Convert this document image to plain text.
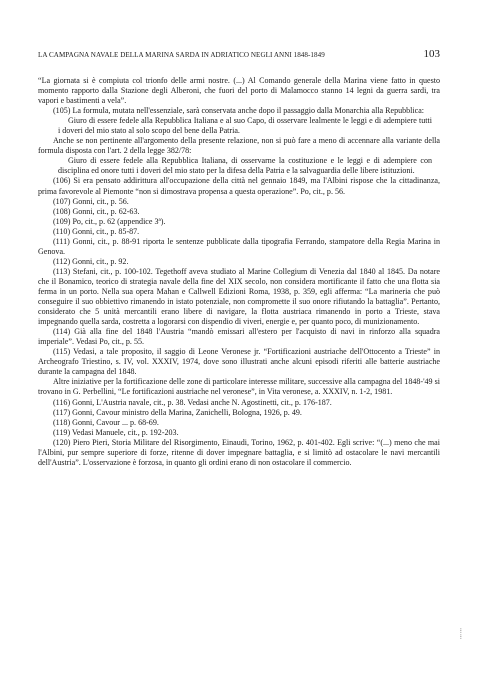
LA CAMPAGNA NAVALE DELLA MARINA SARDA IN ADRIATICO NEGLI ANNI 1848-1849	103

“La giornata si è compiuta col trionfo delle armi nostre. (...) Al Comando generale della Marina viene fatto in questo momento rapporto dalla Stazione degli Alberoni, che fuori del porto di Malamocco stanno 14 legni da guerra sardi, tra vapori e bastimenti a vela”.

(105) La formula, mutata nell'essenziale, sarà conservata anche dopo il passaggio dalla Monarchia alla Repubblica:

Giuro di essere fedele alla Repubblica Italiana e al suo Capo, di osservare lealmente le leggi e di adempiere tutti i doveri del mio stato al solo scopo del bene della Patria.

Anche se non pertinente all'argomento della presente relazione, non si può fare a meno di accennare alla variante della formula disposta con l'art. 2 della legge 382/78:

Giuro di essere fedele alla Repubblica Italiana, di osservarne la costituzione e le leggi e di adempiere con disciplina ed onore tutti i doveri del mio stato per la difesa della Patria e la salvaguardia delle libere istituzioni.

(106) Si era pensato addirittura all'occupazione della città nel gennaio 1849, ma l'Albini rispose che la cittadinanza, prima favorevole al Piemonte “non si dimostrava propensa a questa operazione”. Po, cit., p. 56.

(107) Gonni, cit., p. 56.

(108) Gonni, cit., p. 62-63.

(109) Po, cit., p. 62 (appendice 3ª).

(110) Gonni, cit., p. 85-87.

(111) Gonni, cit., p. 88-91 riporta le sentenze pubblicate dalla tipografia Ferrando, stampatore della Regia Marina in Genova.

(112) Gonni, cit., p. 92.

(113) Stefani, cit., p. 100-102. Tegethoff aveva studiato al Marine Collegium di Venezia dal 1840 al 1845. Da notare che il Bonamico, teorico di strategia navale della fine del XIX secolo, non considera mortificante il fatto che una flotta sia ferma in un porto. Nella sua opera Mahan e Callwell Edizioni Roma, 1938, p. 359, egli afferma: “La marineria che può conseguire il suo obbiettivo rimanendo in istato potenziale, non compromette il suo onore rifiutando la battaglia”. Pertanto, considerato che 5 unità mercantili erano libere di navigare, la flotta austriaca rimanendo in porto a Trieste, stava impegnando quella sarda, costretta a logorarsi con dispendio di viveri, energie e, per quanto poco, di munizionamento.

(114) Già alla fine del 1848 l'Austria “mandò emissari all'estero per l'acquisto di navi in rinforzo alla squadra imperiale”. Vedasi Po, cit., p. 55.

(115) Vedasi, a tale proposito, il saggio di Leone Veronese jr. “Fortificazioni austriache dell'Ottocento a Trieste” in Archeografo Triestino, s. IV, vol. XXXIV, 1974, dove sono illustrati anche alcuni episodi riferiti alle batterie austriache durante la campagna del 1848.

Altre iniziative per la fortificazione delle zone di particolare interesse militare, successive alla campagna del 1848-'49 si trovano in G. Perbellini, “Le fortificazioni austriache nel veronese”, in Vita veronese, a. XXXIV, n. 1-2, 1981.

(116) Gonni, L'Austria navale, cit., p. 38. Vedasi anche N. Agostinetti, cit., p. 176-187.

(117) Gonni, Cavour ministro della Marina, Zanichelli, Bologna, 1926, p. 49.

(118) Gonni, Cavour ... p. 68-69.

(119) Vedasi Manuele, cit., p. 192-203.

(120) Piero Pieri, Storia Militare del Risorgimento, Einaudi, Torino, 1962, p. 401-402. Egli scrive: “(...) meno che mai l'Albini, pur sempre superiore di forze, ritenne di dover impegnare battaglia, e si limitò ad ostacolare le navi mercantili dell'Austria”. L'osservazione è forzosa, in quanto gli ordini erano di non ostacolare il commercio.

⁝
⁝
